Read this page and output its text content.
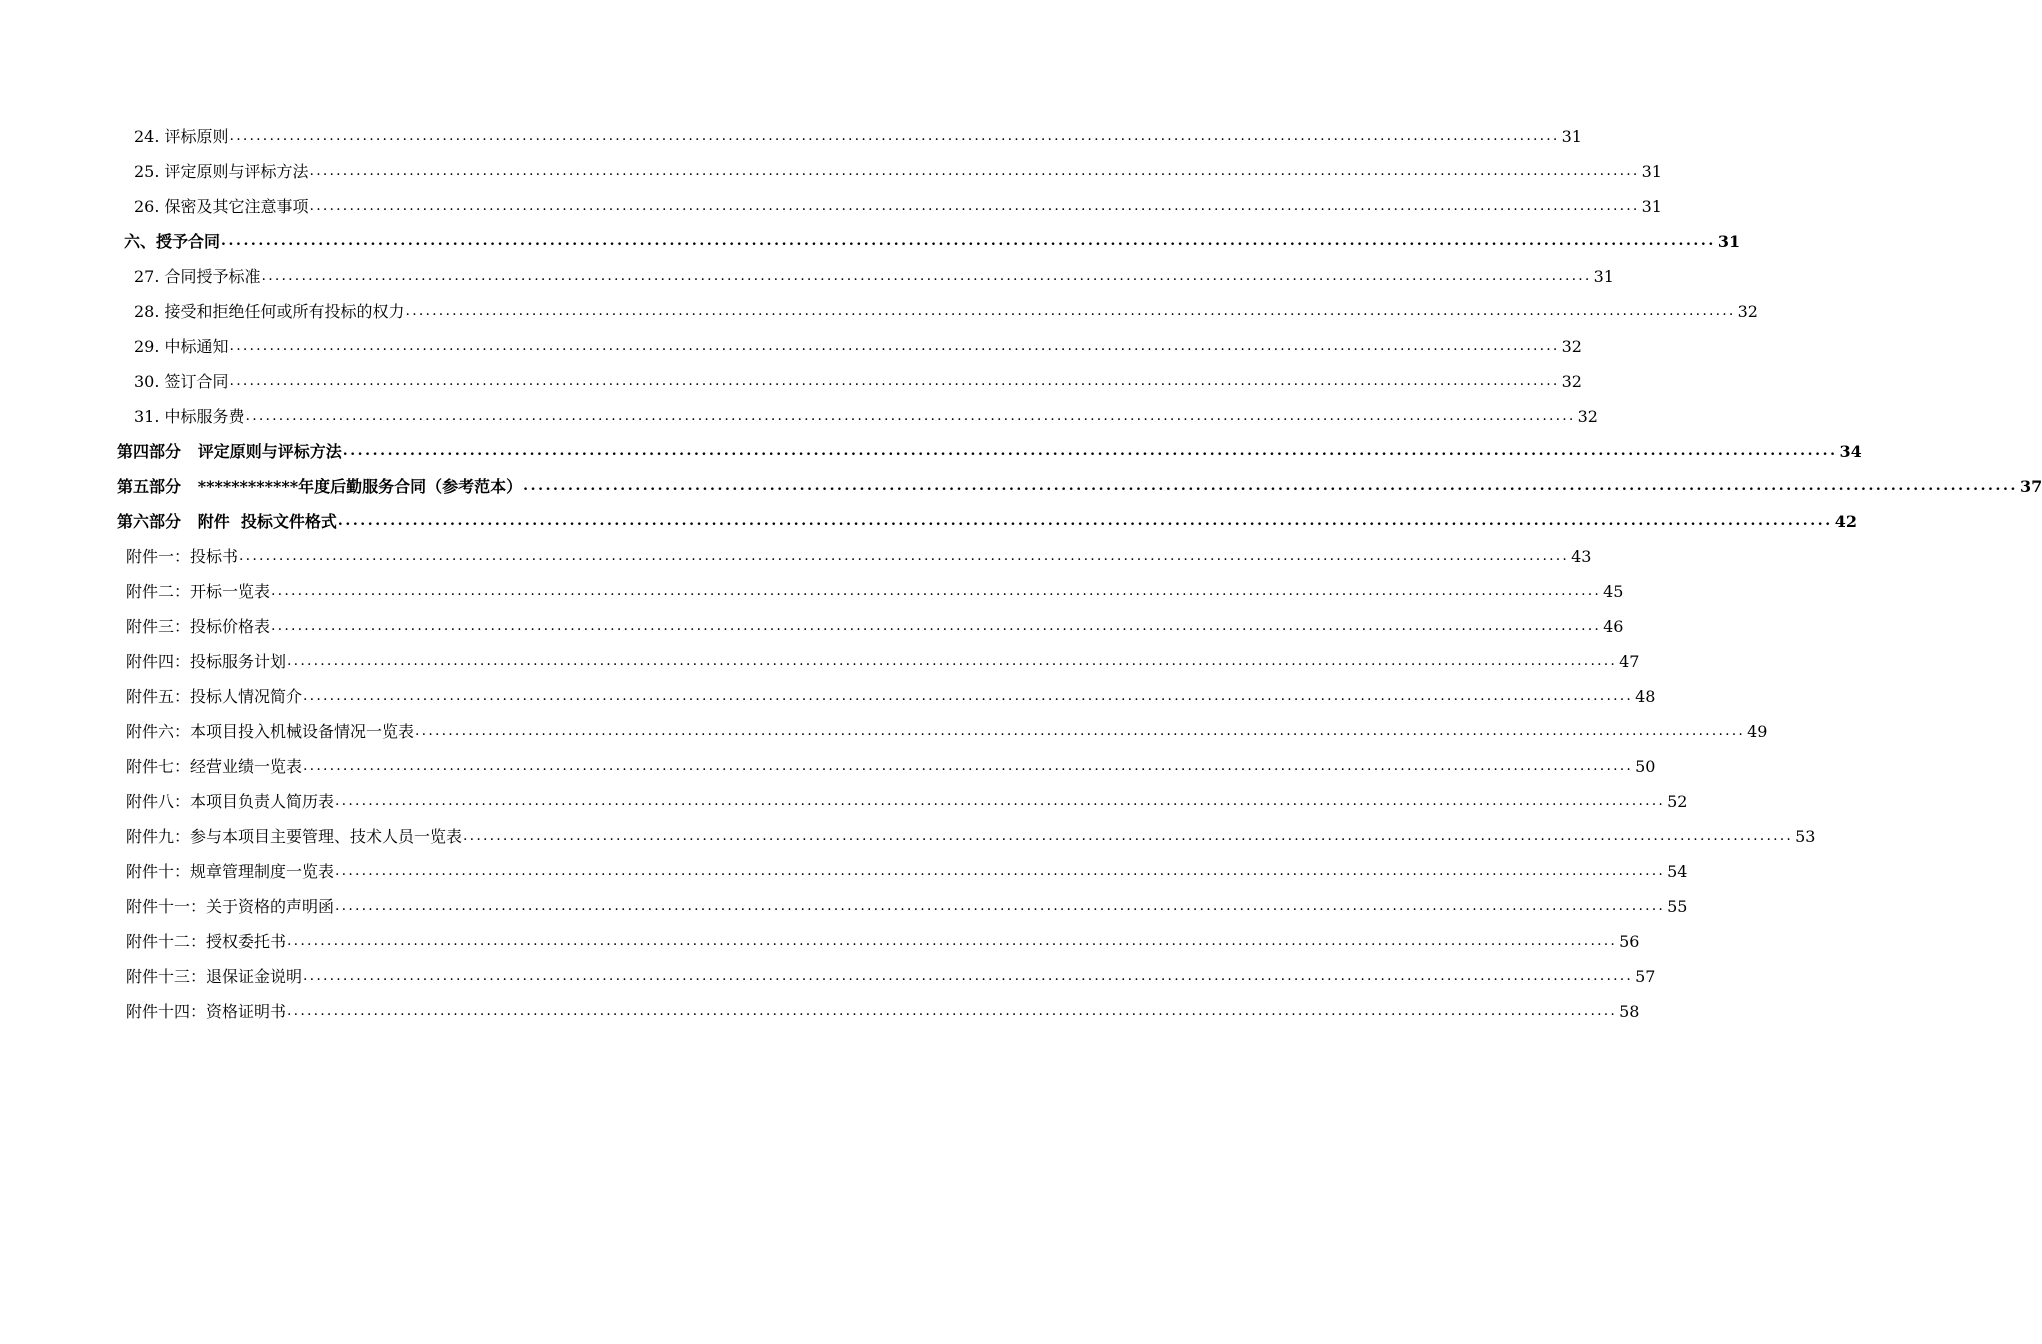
24. 评标原则 ........................................................................................................................................................................................................ 31
25. 评定原则与评标方法 ........................................................................................................................................................................................................ 31
26. 保密及其它注意事项 ........................................................................................................................................................................................................ 31
六、 授予合同 ........................................................................................................................................................................................................ 31
27. 合同授予标准 ........................................................................................................................................................................................................ 31
28. 接受和拒绝任何或所有投标的权力 ........................................................................................................................................................................................................ 32
29. 中标通知 ........................................................................................................................................................................................................ 32
30. 签订合同 ........................................................................................................................................................................................................ 32
31. 中标服务费 ........................................................................................................................................................................................................ 32
第四部分 评定原则与评标方法 ........................................................................................................................................................................................................ 34
第五部分 ************年度后勤服务合同（参考范本） ........................................................................................................................................................................................................ 37
第六部分 附件  投标文件格式 ........................................................................................................................................................................................................ 42
附件一：投标书 ........................................................................................................................................................................................................ 43
附件二：开标一览表 ........................................................................................................................................................................................................ 45
附件三：投标价格表 ........................................................................................................................................................................................................ 46
附件四：投标服务计划 ........................................................................................................................................................................................................ 47
附件五：投标人情况简介 ........................................................................................................................................................................................................ 48
附件六：本项目投入机械设备情况一览表 ........................................................................................................................................................................................................ 49
附件七：经营业绩一览表 ........................................................................................................................................................................................................ 50
附件八：本项目负责人简历表 ........................................................................................................................................................................................................ 52
附件九：参与本项目主要管理、技术人员一览表 ........................................................................................................................................................................................................ 53
附件十：规章管理制度一览表 ........................................................................................................................................................................................................ 54
附件十一：关于资格的声明函 ........................................................................................................................................................................................................ 55
附件十二：授权委托书 ........................................................................................................................................................................................................ 56
附件十三：退保证金说明 ........................................................................................................................................................................................................ 57
附件十四：资格证明书 ........................................................................................................................................................................................................ 58
